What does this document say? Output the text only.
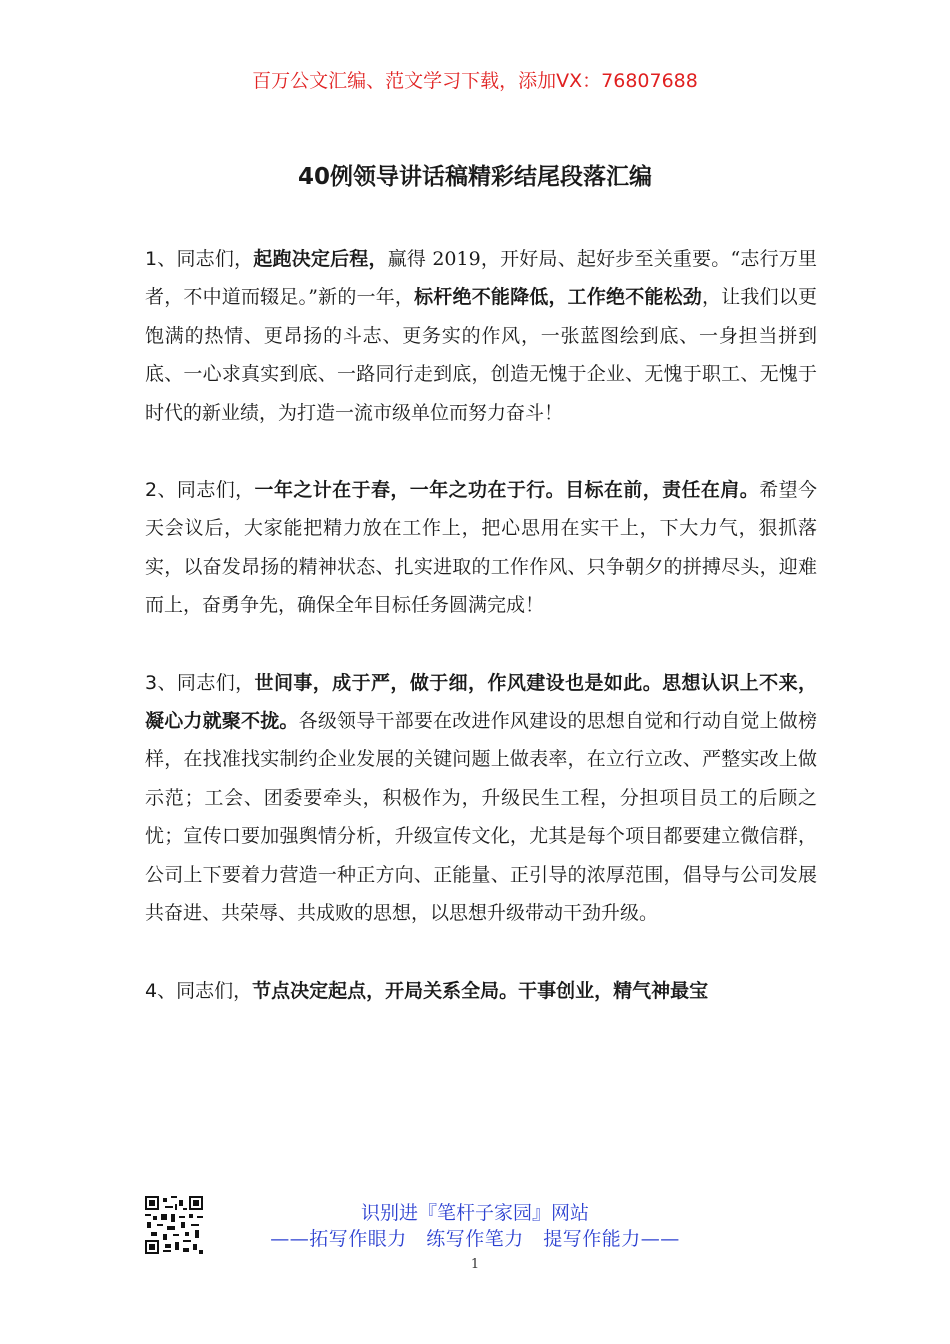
百万公文汇编、范文学习下载，添加VX：76807688
40例领导讲话稿精彩结尾段落汇编

1、同志们，起跑决定后程，赢得 2019，开好局、起好步至关重要。“志行万里者，不中道而辍足。”新的一年，标杆绝不能降低，工作绝不能松劲，让我们以更饱满的热情、更昂扬的斗志、更务实的作风，一张蓝图绘到底、一身担当拼到底、一心求真实到底、一路同行走到底，创造无愧于企业、无愧于职工、无愧于时代的新业绩，为打造一流市级单位而努力奋斗！

2、同志们，一年之计在于春，一年之功在于行。目标在前，责任在肩。希望今天会议后，大家能把精力放在工作上，把心思用在实干上，下大力气，狠抓落实，以奋发昂扬的精神状态、扎实进取的工作作风、只争朝夕的拼搏尽头，迎难而上，奋勇争先，确保全年目标任务圆满完成！

3、同志们，世间事，成于严，做于细，作风建设也是如此。思想认识上不来，凝心力就聚不拢。各级领导干部要在改进作风建设的思想自觉和行动自觉上做榜样，在找准找实制约企业发展的关键问题上做表率，在立行立改、严整实改上做示范；工会、团委要牵头，积极作为，升级民生工程，分担项目员工的后顾之忧；宣传口要加强舆情分析，升级宣传文化，尤其是每个项目都要建立微信群，公司上下要着力营造一种正方向、正能量、正引导的浓厚范围，倡导与公司发展共奋进、共荣辱、共成败的思想，以思想升级带动干劲升级。

4、同志们，节点决定起点，开局关系全局。干事创业，精气神最宝

识别进『笔杆子家园』网站
——拓写作眼力　练写作笔力　提写作能力——
1
